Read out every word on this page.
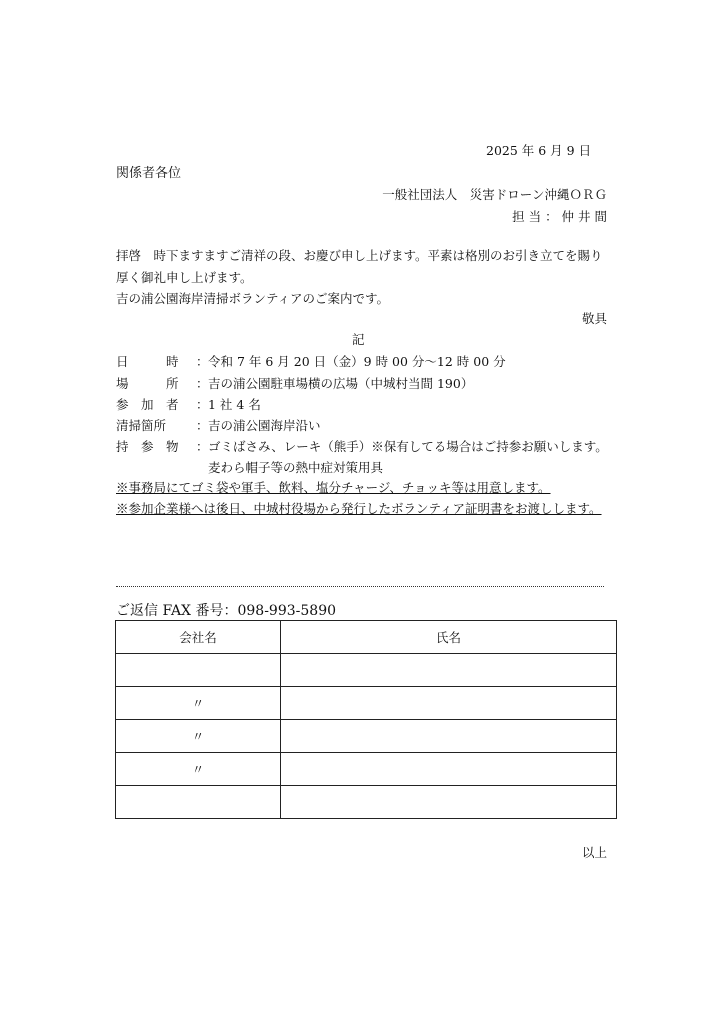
2025 年 6 月 9 日
関係者各位
一般社団法人　災害ドローン沖縄ＯＲＧ
担 当 ： 仲 井 間
拝啓　時下ますますご清祥の段、お慶び申し上げます。平素は格別のお引き立てを賜り
厚く御礼申し上げます。
吉の浦公園海岸清掃ボランティアのご案内です。
敬具
記
日　　　時	： 令和 7 年 6 月 20 日（金）9 時 00 分～12 時 00 分
場　　　所	： 吉の浦公園駐車場横の広場（中城村当間 190）
参　加　者	： 1 社 4 名
清掃箇所	： 吉の浦公園海岸沿い
持　参　物	： ゴミばさみ、レーキ（熊手）※保有してる場合はご持参お願いします。
麦わら帽子等の熱中症対策用具
※事務局にてゴミ袋や軍手、飲料、塩分チャージ、チョッキ等は用意します。
※参加企業様へは後日、中城村役場から発行したボランティア証明書をお渡しします。
ご返信 FAX 番号：098-993-5890
会社名	氏名

〃	
〃	
〃	

以上
